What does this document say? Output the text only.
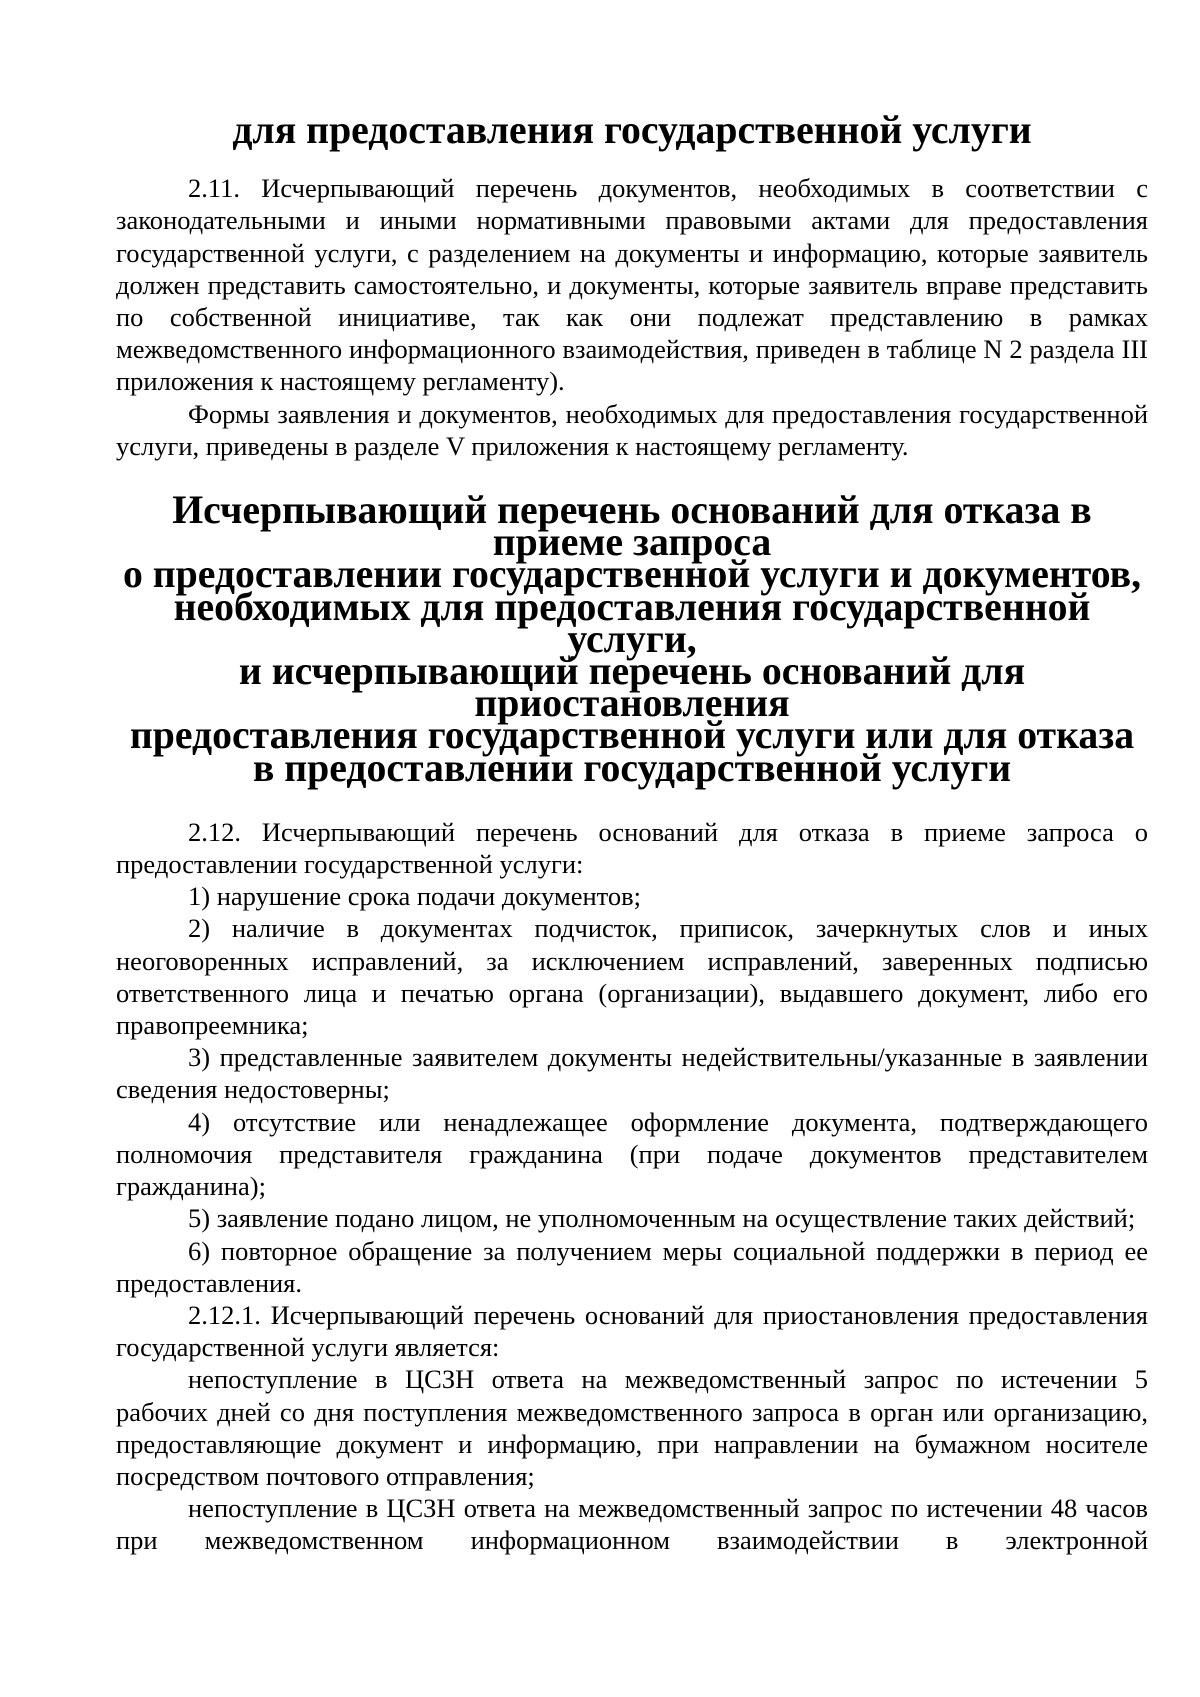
для предоставления государственной услуги

2.11. Исчерпывающий перечень документов, необходимых в соответствии с законодательными и иными нормативными правовыми актами для предоставления государственной услуги, с разделением на документы и информацию, которые заявитель должен представить самостоятельно, и документы, которые заявитель вправе представить по собственной инициативе, так как они подлежат представлению в рамках межведомственного информационного взаимодействия, приведен в таблице N 2 раздела III приложения к настоящему регламенту).

Формы заявления и документов, необходимых для предоставления государственной услуги, приведены в разделе V приложения к настоящему регламенту.

Исчерпывающий перечень оснований для отказа в приеме запроса
о предоставлении государственной услуги и документов,
необходимых для предоставления государственной услуги,
и исчерпывающий перечень оснований для приостановления
предоставления государственной услуги или для отказа
в предоставлении государственной услуги

2.12. Исчерпывающий перечень оснований для отказа в приеме запроса о предоставлении государственной услуги:

1) нарушение срока подачи документов;

2) наличие в документах подчисток, приписок, зачеркнутых слов и иных неоговоренных исправлений, за исключением исправлений, заверенных подписью ответственного лица и печатью органа (организации), выдавшего документ, либо его правопреемника;

3) представленные заявителем документы недействительны/указанные в заявлении сведения недостоверны;

4) отсутствие или ненадлежащее оформление документа, подтверждающего полномочия представителя гражданина (при подаче документов представителем гражданина);

5) заявление подано лицом, не уполномоченным на осуществление таких действий;

6) повторное обращение за получением меры социальной поддержки в период ее предоставления.

2.12.1. Исчерпывающий перечень оснований для приостановления предоставления государственной услуги является:

непоступление в ЦСЗН ответа на межведомственный запрос по истечении 5 рабочих дней со дня поступления межведомственного запроса в орган или организацию, предоставляющие документ и информацию, при направлении на бумажном носителе посредством почтового отправления;

непоступление в ЦСЗН ответа на межведомственный запрос по истечении 48 часов при межведомственном информационном взаимодействии в электронной
